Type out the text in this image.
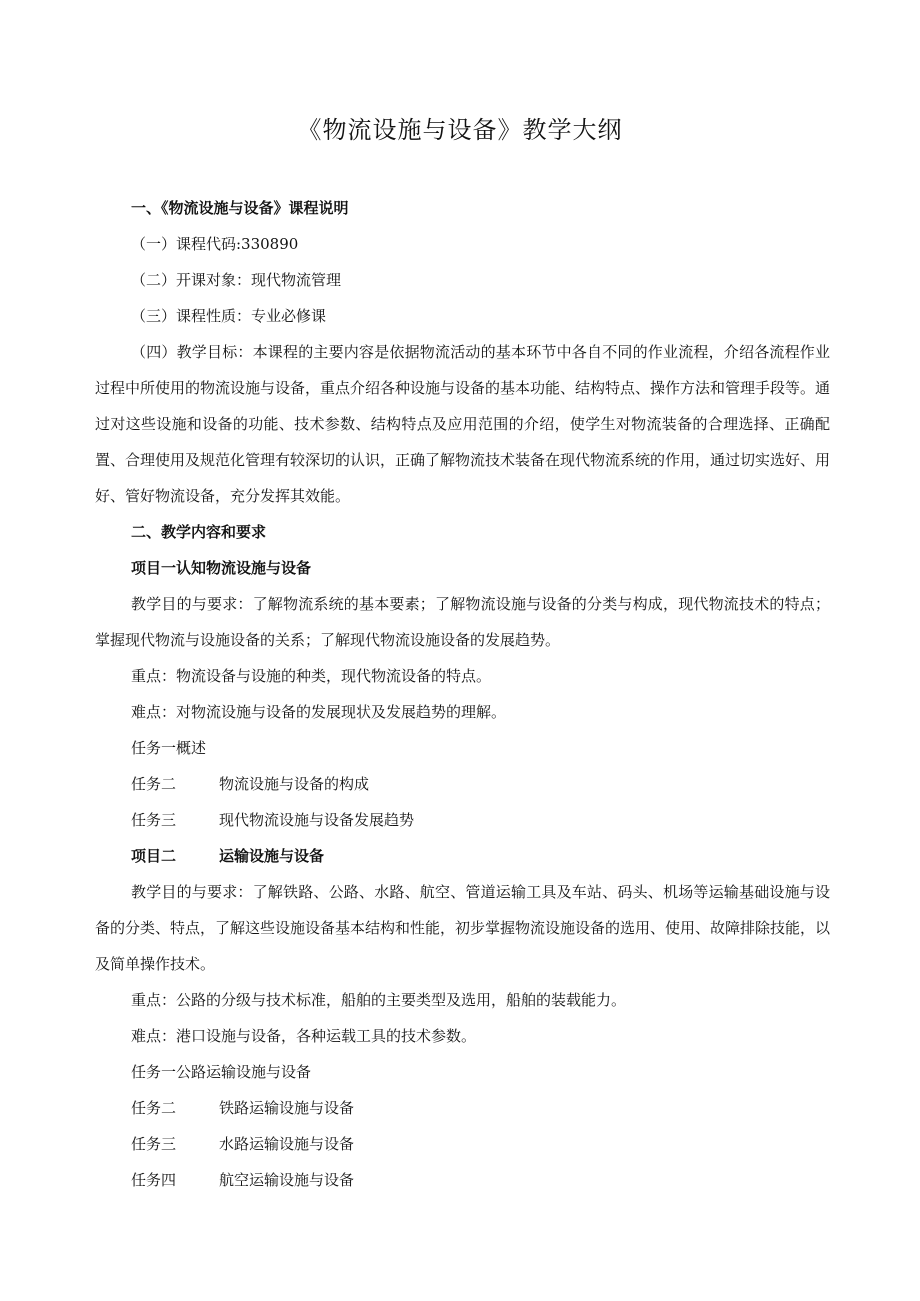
《物流设施与设备》教学大纲
一、《物流设施与设备》课程说明
（一）课程代码:330890
（二）开课对象：现代物流管理
（三）课程性质：专业必修课
（四）教学目标：本课程的主要内容是依据物流活动的基本环节中各自不同的作业流程，介绍各流程作业过程中所使用的物流设施与设备，重点介绍各种设施与设备的基本功能、结构特点、操作方法和管理手段等。通过对这些设施和设备的功能、技术参数、结构特点及应用范围的介绍，使学生对物流装备的合理选择、正确配置、合理使用及规范化管理有较深切的认识，正确了解物流技术装备在现代物流系统的作用，通过切实选好、用好、管好物流设备，充分发挥其效能。
二、教学内容和要求
项目一认知物流设施与设备
教学目的与要求：了解物流系统的基本要素；了解物流设施与设备的分类与构成，现代物流技术的特点；掌握现代物流与设施设备的关系；了解现代物流设施设备的发展趋势。
重点：物流设备与设施的种类，现代物流设备的特点。
难点：对物流设施与设备的发展现状及发展趋势的理解。
任务一概述
任务二	物流设施与设备的构成
任务三	现代物流设施与设备发展趋势
项目二	运输设施与设备
教学目的与要求：了解铁路、公路、水路、航空、管道运输工具及车站、码头、机场等运输基础设施与设备的分类、特点，了解这些设施设备基本结构和性能，初步掌握物流设施设备的选用、使用、故障排除技能，以及简单操作技术。
重点：公路的分级与技术标准，船舶的主要类型及选用，船舶的装载能力。
难点：港口设施与设备，各种运载工具的技术参数。
任务一公路运输设施与设备
任务二	铁路运输设施与设备
任务三	水路运输设施与设备
任务四	航空运输设施与设备
